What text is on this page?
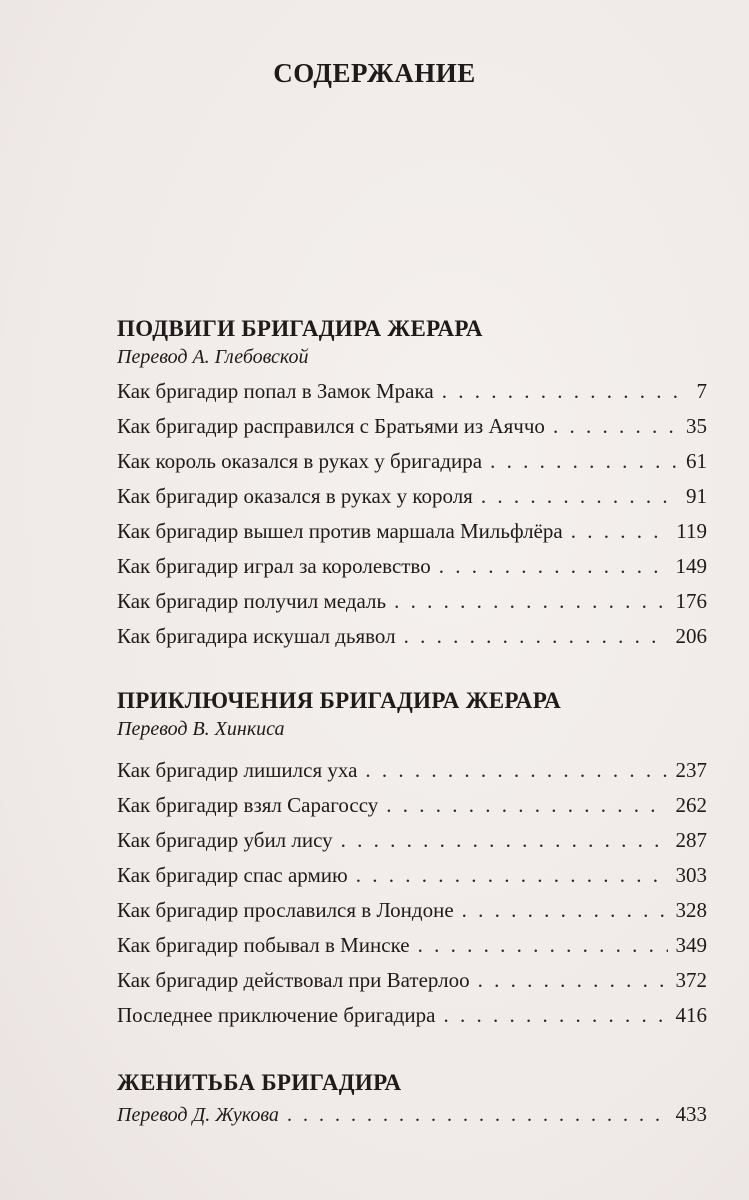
СОДЕРЖАНИЕ
ПОДВИГИ БРИГАДИРА ЖЕРАРА

Перевод А. Глебовской

Как бригадир попал в Замок Мрака . . .	7
Как бригадир расправился с Братьями из Аяччо . . .	35
Как король оказался в руках у бригадира . . .	61
Как бригадир оказался в руках у короля . . .	91
Как бригадир вышел против маршала Мильфлёра . . .	119
Как бригадир играл за королевство . . .	149
Как бригадир получил медаль . . .	176
Как бригадира искушал дьявол . . .	206
ПРИКЛЮЧЕНИЯ БРИГАДИРА ЖЕРАРА

Перевод В. Хинкиса

Как бригадир лишился уха . . .	237
Как бригадир взял Сарагоссу . . .	262
Как бригадир убил лису . . .	287
Как бригадир спас армию . . .	303
Как бригадир прославился в Лондоне . . .	328
Как бригадир побывал в Минске . . .	349
Как бригадир действовал при Ватерлоо . . .	372
Последнее приключение бригадира . . .	416
ЖЕНИТЬБА БРИГАДИРА
Перевод Д. Жукова . . .	433
